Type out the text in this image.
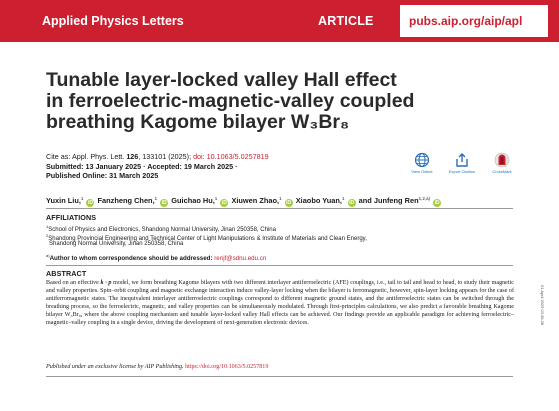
Applied Physics Letters	ARTICLE	pubs.aip.org/aip/apl
Tunable layer-locked valley Hall effect
in ferroelectric-magnetic-valley coupled
breathing Kagome bilayer W₃Br₈
Cite as: Appl. Phys. Lett. 126, 133101 (2025); doi: 10.1063/5.0257819
Submitted: 13 January 2025 · Accepted: 19 March 2025 ·
Published Online: 31 March 2025	View Online	Export Citation	CrossMark
Yuxin Liu,$^1$ iD Fanzheng Chen,$^1$ iD Guichao Hu,$^1$ iD Xiuwen Zhao,$^1$ iD Xiaobo Yuan,$^1$ iD and Junfeng Ren$^{1,2,a)}$ iD
AFFILIATIONS
$^1$School of Physics and Electronics, Shandong Normal University, Jinan 250358, China
$^2$Shandong Provincial Engineering and Technical Center of Light Manipulations & Institute of Materials and Clean Energy,
Shandong Normal University, Jinan 250358, China
$^{a)}$Author to whom correspondence should be addressed: renjf@sdnu.edu.cn
ABSTRACT

Based on an effective k · p model, we form breathing Kagome bilayers with two different interlayer antiferroelectric (AFE) couplings, i.e., tail to tail and head to head, to study their magnetic and valley properties. Spin–orbit coupling and magnetic exchange interaction induce valley-layer locking when the bilayer is ferromagnetic, however, spin-layer locking appears for the case of antiferromagnetic states. The inequivalent interlayer antiferroelectric couplings correspond to different magnetic ground states, and the antiferroelectric states can be switched through the breathing process, so the ferroelectric, magnetic, and valley properties can be simultaneously modulated. Through first-principles calculations, we also predict a favorable breathing Kagome bilayer W₃Br₈, where the above coupling mechanism and tunable layer-locked valley Hall effects can be achieved. Our findings provide an applicable paradigm for achieving ferroelectric–magnetic–valley coupling in a single device, driving the development of next-generation electronic devices.

Published under an exclusive license by AIP Publishing. https://doi.org/10.1063/5.0257819
01 April 2025 03:38:38
